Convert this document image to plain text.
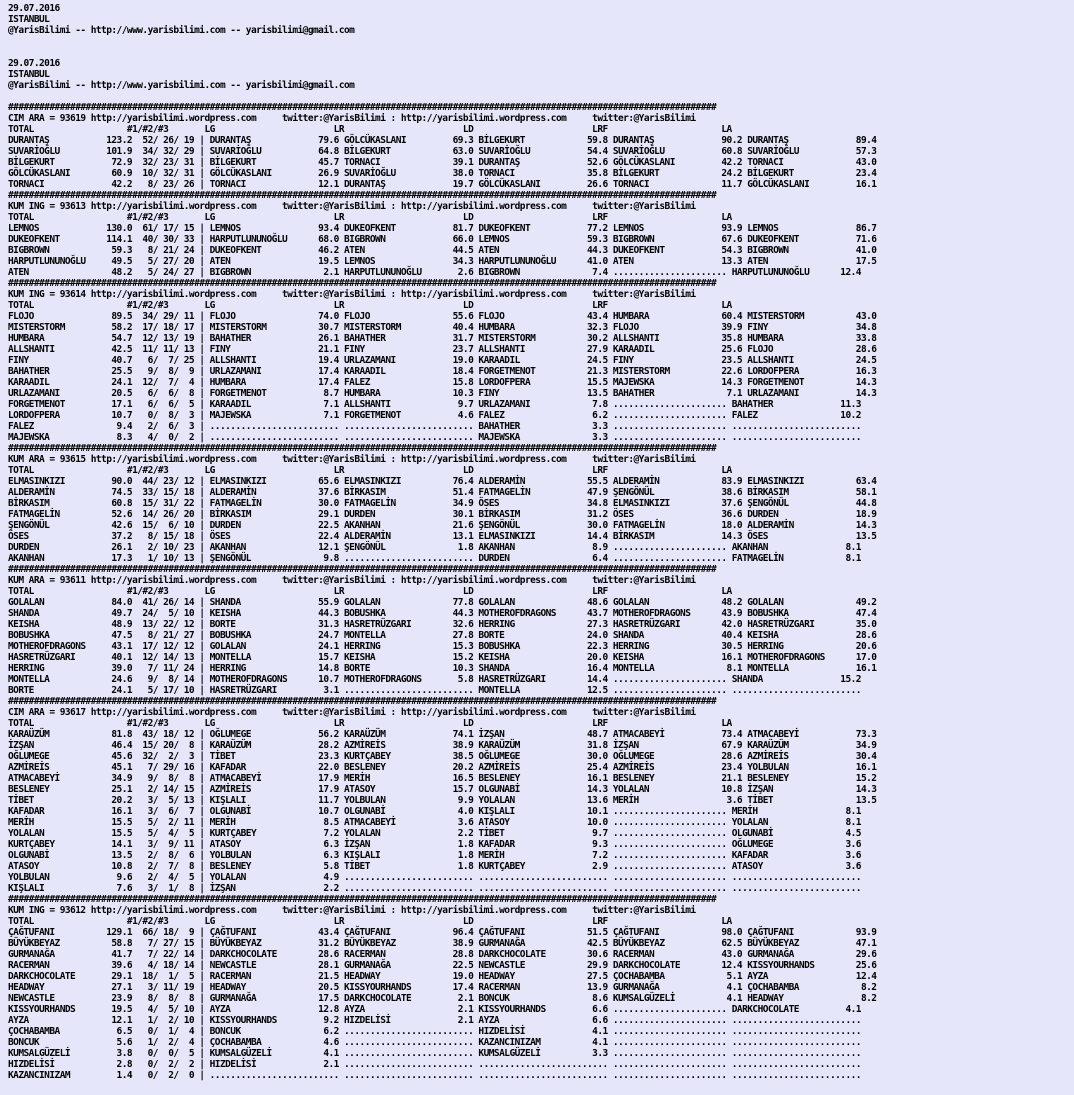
29.07.2016
ISTANBUL
@YarisBilimi -- http://www.yarisbilimi.com -- yarisbilimi@gmail.com

29.07.2016
ISTANBUL
@YarisBilimi -- http://www.yarisbilimi.com -- yarisbilimi@gmail.com

#########################################################################################################################################
CIM ARA = 93619 http://yarisbilimi.wordpress.com     twitter:@YarisBilimi : http://yarisbilimi.wordpress.com     twitter:@YarisBilimi
TOTAL                  #1/#2/#3       LG                       LR                       LD                       LRF                      LA
DURANTAŞ           123.2  52/ 26/ 19 | DURANTAŞ             79.6 GÖLCÜKASLANI         69.3 BİLGEKURT            59.8 DURANTAŞ             90.2 DURANTAŞ             89.4
SUVARİOĞLU         101.9  34/ 32/ 29 | SUVARİOĞLU           64.8 BİLGEKURT            63.0 SUVARİOĞLU           54.4 SUVARİOĞLU           60.8 SUVARİOĞLU           57.3
BİLGEKURT           72.9  32/ 23/ 31 | BİLGEKURT            45.7 TORNACI              39.1 DURANTAŞ             52.6 GÖLCÜKASLANI         42.2 TORNACI              43.0
GÖLCÜKASLANI        60.9  10/ 32/ 31 | GÖLCÜKASLANI         26.9 SUVARİOĞLU           38.0 TORNACI              35.8 BİLGEKURT            24.2 BİLGEKURT            23.4
TORNACI             42.2   8/ 23/ 26 | TORNACI              12.1 DURANTAŞ             19.7 GÖLCÜKASLANI         26.6 TORNACI              11.7 GÖLCÜKASLANI         16.1
#########################################################################################################################################
KUM ING = 93613 http://yarisbilimi.wordpress.com     twitter:@YarisBilimi : http://yarisbilimi.wordpress.com     twitter:@YarisBilimi
TOTAL                  #1/#2/#3       LG                       LR                       LD                       LRF                      LA
LEMNOS             130.0  61/ 17/ 15 | LEMNOS               93.4 DUKEOFKENT           81.7 DUKEOFKENT           77.2 LEMNOS               93.9 LEMNOS               86.7
DUKEOFKENT         114.1  40/ 30/ 33 | HARPUTLUNUNOĞLU      68.0 BIGBROWN             66.0 LEMNOS               59.3 BIGBROWN             67.6 DUKEOFKENT           71.6
BIGBROWN            59.3   8/ 21/ 24 | DUKEOFKENT           46.2 ATEN                 44.5 ATEN                 44.3 DUKEOFKENT           54.3 BIGBROWN             41.0
HARPUTLUNUNOĞLU     49.5   5/ 27/ 20 | ATEN                 19.5 LEMNOS               34.3 HARPUTLUNUNOĞLU      41.0 ATEN                 13.3 ATEN                 17.5
ATEN                48.2   5/ 24/ 27 | BIGBROWN              2.1 HARPUTLUNUNOĞLU       2.6 BIGBROWN              7.4 ...................... HARPUTLUNUNOĞLU      12.4
#########################################################################################################################################
KUM ING = 93614 http://yarisbilimi.wordpress.com     twitter:@YarisBilimi : http://yarisbilimi.wordpress.com     twitter:@YarisBilimi
TOTAL                  #1/#2/#3       LG                       LR                       LD                       LRF                      LA
FLOJO               89.5  34/ 29/ 11 | FLOJO                74.0 FLOJO                55.6 FLOJO                43.4 HUMBARA              60.4 MISTERSTORM          43.0
MISTERSTORM         58.2  17/ 18/ 17 | MISTERSTORM          30.7 MISTERSTORM          40.4 HUMBARA              32.3 FLOJO                39.9 FINY                 34.8
HUMBARA             54.7  12/ 13/ 19 | BAHATHER             26.1 BAHATHER             31.7 MISTERSTORM          30.2 ALLSHANTI            35.8 HUMBARA              33.8
ALLSHANTI           42.5  11/ 11/ 13 | FINY                 21.1 FINY                 23.7 ALLSHANTI            27.9 KARAADIL             25.6 FLOJO                28.6
FINY                40.7   6/  7/ 25 | ALLSHANTI            19.4 URLAZAMANI           19.0 KARAADIL             24.5 FINY                 23.5 ALLSHANTI            24.5
BAHATHER            25.5   9/  8/  9 | URLAZAMANI           17.4 KARAADIL             18.4 FORGETMENOT          21.3 MISTERSTORM          22.6 LORDOFPERA           16.3
KARAADIL            24.1  12/  7/  4 | HUMBARA              17.4 FALEZ                15.8 LORDOFPERA           15.5 MAJEWSKA             14.3 FORGETMENOT          14.3
URLAZAMANI          20.5   6/  6/  8 | FORGETMENOT           8.7 HUMBARA              10.3 FINY                 13.5 BAHATHER              7.1 URLAZAMANI           14.3
FORGETMENOT         17.1   6/  6/  5 | KARAADIL              7.1 ALLSHANTI             9.7 URLAZAMANI            7.8 ...................... BAHATHER             11.3
LORDOFPERA          10.7   0/  8/  3 | MAJEWSKA              7.1 FORGETMENOT           4.6 FALEZ                 6.2 ...................... FALEZ                10.2
FALEZ                9.4   2/  6/  3 | ......................... ......................... BAHATHER              3.3 ...................... .........................
MAJEWSKA             8.3   4/  0/  2 | ......................... ......................... MAJEWSKA              3.3 ...................... .........................
#########################################################################################################################################
KUM ARA = 93615 http://yarisbilimi.wordpress.com     twitter:@YarisBilimi : http://yarisbilimi.wordpress.com     twitter:@YarisBilimi
TOTAL                  #1/#2/#3       LG                       LR                       LD                       LRF                      LA
ELMASINKIZI         90.0  44/ 23/ 12 | ELMASINKIZI          65.6 ELMASINKIZI          76.4 ALDERAMİN            55.5 ALDERAMİN            83.9 ELMASINKIZI          63.4
ALDERAMİN           74.5  33/ 15/ 18 | ALDERAMİN            37.6 BİRKASIM             51.4 FATMAGELİN           47.9 ŞENGÖNÜL             38.6 BİRKASIM             58.1
BİRKASIM            60.8  15/ 31/ 22 | FATMAGELİN           30.0 FATMAGELİN           34.9 ÖSES                 34.8 ELMASINKIZI          37.6 ŞENGÖNÜL             44.8
FATMAGELİN          52.6  14/ 26/ 20 | BİRKASIM             29.1 DURDEN               30.1 BİRKASIM             31.2 ÖSES                 36.6 DURDEN               18.9
ŞENGÖNÜL            42.6  15/  6/ 10 | DURDEN               22.5 AKANHAN              21.6 ŞENGÖNÜL             30.0 FATMAGELİN           18.0 ALDERAMİN            14.3
ÖSES                37.2   8/ 15/ 18 | ÖSES                 22.4 ALDERAMİN            13.1 ELMASINKIZI          14.4 BİRKASIM             14.3 ÖSES                 13.5
DURDEN              26.1   2/ 10/ 23 | AKANHAN              12.1 ŞENGÖNÜL              1.8 AKANHAN               8.9 ...................... AKANHAN               8.1
AKANHAN             17.3   1/ 10/ 13 | ŞENGÖNÜL              9.8 ......................... DURDEN                6.4 ...................... FATMAGELİN            8.1
#########################################################################################################################################
KUM ARA = 93611 http://yarisbilimi.wordpress.com     twitter:@YarisBilimi : http://yarisbilimi.wordpress.com     twitter:@YarisBilimi
TOTAL                  #1/#2/#3       LG                       LR                       LD                       LRF                      LA
GOLALAN             84.0  41/ 26/ 14 | SHANDA               55.9 GOLALAN              77.8 GOLALAN              48.6 GOLALAN              48.2 GOLALAN              49.2
SHANDA              49.7  24/  5/ 10 | KEISHA               44.3 BOBUSHKA             44.3 MOTHEROFDRAGONS      43.7 MOTHEROFDRAGONS      43.9 BOBUSHKA             47.4
KEISHA              48.9  13/ 22/ 12 | BORTE                31.3 HASRETRÜZGARI        32.6 HERRING              27.3 HASRETRÜZGARI        42.0 HASRETRÜZGARI        35.0
BOBUSHKA            47.5   8/ 21/ 27 | BOBUSHKA             24.7 MONTELLA             27.8 BORTE                24.0 SHANDA               40.4 KEISHA               28.6
MOTHEROFDRAGONS     43.1  17/ 12/ 12 | GOLALAN              24.1 HERRING              15.3 BOBUSHKA             22.3 HERRING              30.5 HERRING              20.6
HASRETRÜZGARI       40.1  12/ 14/ 13 | MONTELLA             15.7 KEISHA               15.2 KEISHA               20.0 KEISHA               16.1 MOTHEROFDRAGONS      17.0
HERRING             39.0   7/ 11/ 24 | HERRING              14.8 BORTE                10.3 SHANDA               16.4 MONTELLA              8.1 MONTELLA             16.1
MONTELLA            24.6   9/  8/ 14 | MOTHEROFDRAGONS      10.7 MOTHEROFDRAGONS       5.8 HASRETRÜZGARI        14.4 ...................... SHANDA               15.2
BORTE               24.1   5/ 17/ 10 | HASRETRÜZGARI         3.1 ......................... MONTELLA             12.5 ...................... .........................
#########################################################################################################################################
CIM ARA = 93617 http://yarisbilimi.wordpress.com     twitter:@YarisBilimi : http://yarisbilimi.wordpress.com     twitter:@YarisBilimi
TOTAL                  #1/#2/#3       LG                       LR                       LD                       LRF                      LA
KARAÜZÜM            81.8  43/ 18/ 12 | OĞLUMEGE             56.2 KARAÜZÜM             74.1 İZŞAN                48.7 ATMACABEYİ           73.4 ATMACABEYİ           73.3
İZŞAN               46.4  15/ 20/  8 | KARAÜZÜM             28.2 AZMİREİS             38.9 KARAÜZÜM             31.8 İZŞAN                67.9 KARAÜZÜM             34.9
OĞLUMEGE            45.6  32/  2/  3 | TİBET                23.3 KURTÇABEY            38.5 OĞLUMEGE             30.0 OĞLUMEGE             28.6 AZMİREİS             30.4
AZMİREİS            45.1   7/ 29/ 16 | KAFADAR              22.0 BESLENEY             20.2 AZMİREİS             25.4 AZMİREİS             23.4 YOLBULAN             16.1
ATMACABEYİ          34.9   9/  8/  8 | ATMACABEYİ           17.9 MERİH                16.5 BESLENEY             16.1 BESLENEY             21.1 BESLENEY             15.2
BESLENEY            25.1   2/ 14/ 15 | AZMİREİS             17.9 ATASOY               15.7 OLGUNABİ             14.3 YOLALAN              10.8 İZŞAN                14.3
TİBET               20.2   3/  5/ 13 | KIŞLALI              11.7 YOLBULAN              9.9 YOLALAN              13.6 MERİH                 3.6 TİBET                13.5
KAFADAR             16.1   3/  6/  7 | OLGUNABİ             10.7 OLGUNABİ              4.0 KIŞLALI              10.1 ...................... MERİH                 8.1
MERİH               15.5   5/  2/ 11 | MERİH                 8.5 ATMACABEYİ            3.6 ATASOY               10.0 ...................... YOLALAN               8.1
YOLALAN             15.5   5/  4/  5 | KURTÇABEY             7.2 YOLALAN               2.2 TİBET                 9.7 ...................... OLGUNABİ              4.5
KURTÇABEY           14.1   3/  9/ 11 | ATASOY                6.3 İZŞAN                 1.8 KAFADAR               9.3 ...................... OĞLUMEGE              3.6
OLGUNABİ            13.5   2/  8/  6 | YOLBULAN              6.3 KIŞLALI               1.8 MERİH                 7.2 ...................... KAFADAR               3.6
ATASOY              10.8   2/  7/  8 | BESLENEY              5.8 TİBET                 1.8 KURTÇABEY             2.9 ...................... ATASOY                3.6
YOLBULAN             9.6   2/  4/  5 | YOLALAN               4.9 ......................... ......................... ...................... .........................
KIŞLALI              7.6   3/  1/  8 | İZŞAN                 2.2 ......................... ......................... ...................... .........................
#########################################################################################################################################
KUM ING = 93612 http://yarisbilimi.wordpress.com     twitter:@YarisBilimi : http://yarisbilimi.wordpress.com     twitter:@YarisBilimi
TOTAL                  #1/#2/#3       LG                       LR                       LD                       LRF                      LA
ÇAĞTUFANI          129.1  66/ 18/  9 | ÇAĞTUFANI            43.4 ÇAĞTUFANI            96.4 ÇAĞTUFANI            51.5 ÇAĞTUFANI            98.0 ÇAĞTUFANI            93.9
BÜYÜKBEYAZ          58.8   7/ 27/ 15 | BÜYÜKBEYAZ           31.2 BÜYÜKBEYAZ           38.9 GURMANAĞA            42.5 BÜYÜKBEYAZ           62.5 BÜYÜKBEYAZ           47.1
GURMANAĞA           41.7   7/ 22/ 14 | DARKCHOCOLATE        28.6 RACERMAN             28.8 DARKCHOCOLATE        30.6 RACERMAN             43.0 GURMANAĞA            29.6
RACERMAN            39.6   4/ 18/ 14 | NEWCASTLE            28.1 GURMANAĞA            22.5 NEWCASTLE            29.9 DARKCHOCOLATE        12.4 KISSYOURHANDS        25.6
DARKCHOCOLATE       29.1  18/  1/  5 | RACERMAN             21.5 HEADWAY              19.0 HEADWAY              27.5 ÇOCHABAMBA            5.1 AYZA                 12.4
HEADWAY             27.1   3/ 11/ 19 | HEADWAY              20.5 KISSYOURHANDS        17.4 RACERMAN             13.9 GURMANAĞA             4.1 ÇOCHABAMBA            8.2
NEWCASTLE           23.9   8/  8/  8 | GURMANAĞA            17.5 DARKCHOCOLATE         2.1 BONCUK                8.6 KUMSALGÜZELİ          4.1 HEADWAY               8.2
KISSYOURHANDS       19.5   4/  5/ 10 | AYZA                 12.8 AYZA                  2.1 KISSYOURHANDS         6.6 ...................... DARKCHOCOLATE         4.1
AYZA                12.1   1/  2/ 10 | KISSYOURHANDS         9.2 HIZDELİSİ             2.1 AYZA                  6.6 ...................... .........................
ÇOCHABAMBA           6.5   0/  1/  4 | BONCUK                6.2 ......................... HIZDELİSİ             4.1 ...................... .........................
BONCUK               5.6   1/  2/  4 | ÇOCHABAMBA            4.6 ......................... KAZANCINIZAM          4.1 ...................... .........................
KUMSALGÜZELİ         3.8   0/  0/  5 | KUMSALGÜZELİ          4.1 ......................... KUMSALGÜZELİ          3.3 ...................... .........................
HIZDELİSİ            2.8   0/  2/  2 | HIZDELİSİ             2.1 ......................... ......................... ...................... .........................
KAZANCINIZAM         1.4   0/  2/  0 | ......................... ......................... ......................... ...................... .........................
